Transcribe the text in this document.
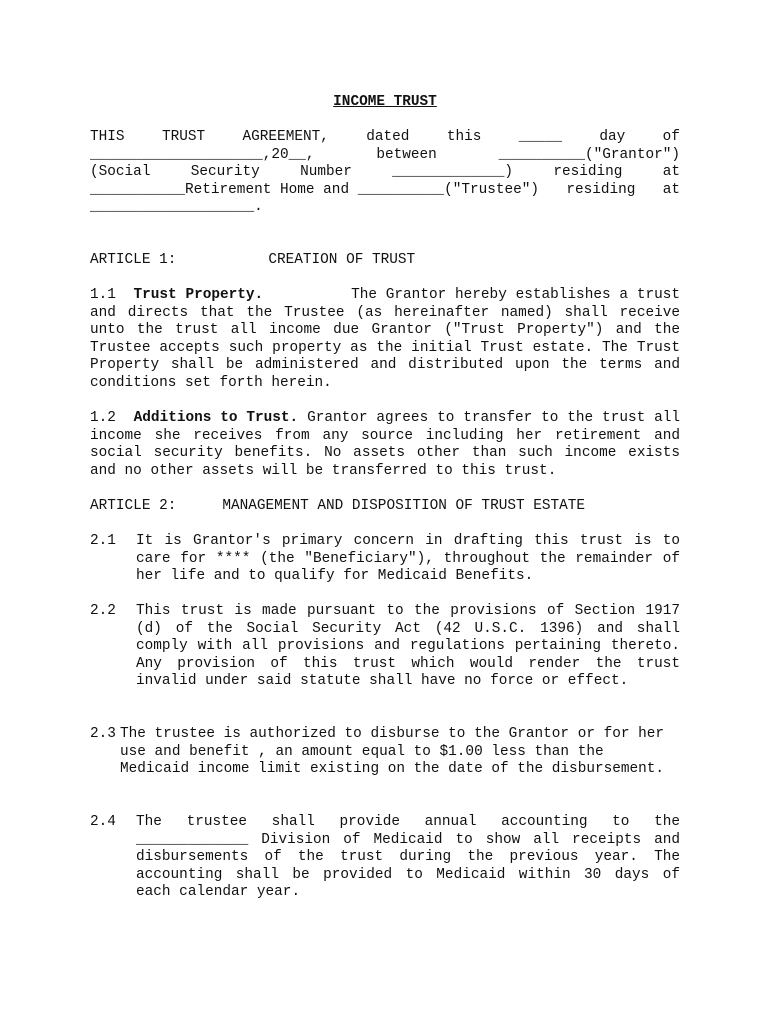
INCOME TRUST
THIS	TRUST	AGREEMENT,	dated	this	_____	day	of
____________________,20__,	between	__________("Grantor")
(Social	Security	Number	_____________)	residing	at
___________Retirement Home and __________("Trustee") residing at
___________________.
ARTICLE 1:	CREATION OF TRUST
1.1 Trust Property.	The Grantor hereby establishes a trust and directs that the Trustee (as hereinafter named) shall receive unto the trust all income due Grantor ("Trust Property") and the Trustee accepts such property as the initial Trust estate. The Trust Property shall be administered and distributed upon the terms and conditions set forth herein.
1.2 Additions to Trust. Grantor agrees to transfer to the trust all income she receives from any source including her retirement and social security benefits. No assets other than such income exists and no other assets will be transferred to this trust.
ARTICLE 2:	MANAGEMENT AND DISPOSITION OF TRUST ESTATE
2.1 It is Grantor's primary concern in drafting this trust is to care for **** (the "Beneficiary"), throughout the remainder of her life and to qualify for Medicaid Benefits.
2.2 This trust is made pursuant to the provisions of Section 1917 (d) of the Social Security Act (42 U.S.C. 1396) and shall comply with all provisions and regulations pertaining thereto. Any provision of this trust which would render the trust invalid under said statute shall have no force or effect.
2.3 The trustee is authorized to disburse to the Grantor or for her use and benefit , an amount equal to $1.00 less than the Medicaid income limit existing on the date of the disbursement.
2.4 The trustee shall provide annual accounting to the _____________ Division of Medicaid to show all receipts and disbursements of the trust during the previous year. The accounting shall be provided to Medicaid within 30 days of each calendar year.
